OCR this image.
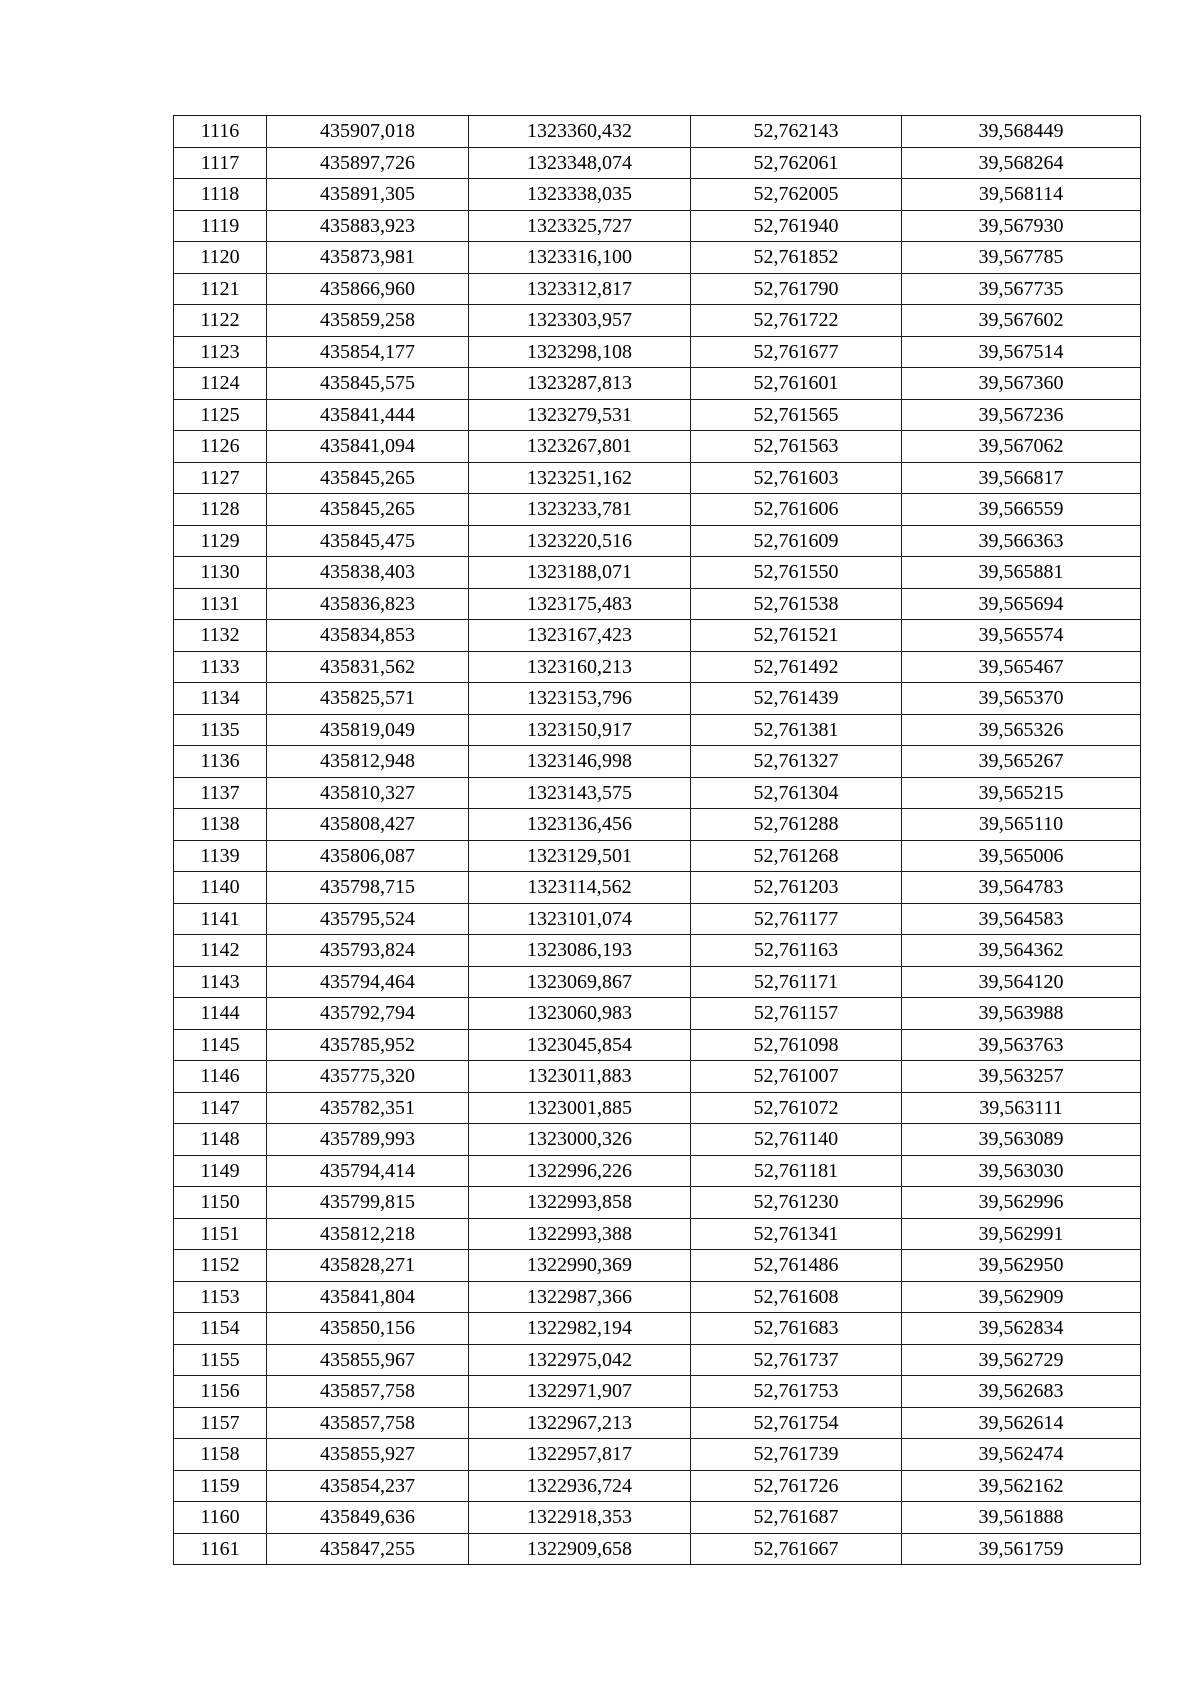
1116	435907,018	1323360,432	52,762143	39,568449
1117	435897,726	1323348,074	52,762061	39,568264
1118	435891,305	1323338,035	52,762005	39,568114
1119	435883,923	1323325,727	52,761940	39,567930
1120	435873,981	1323316,100	52,761852	39,567785
1121	435866,960	1323312,817	52,761790	39,567735
1122	435859,258	1323303,957	52,761722	39,567602
1123	435854,177	1323298,108	52,761677	39,567514
1124	435845,575	1323287,813	52,761601	39,567360
1125	435841,444	1323279,531	52,761565	39,567236
1126	435841,094	1323267,801	52,761563	39,567062
1127	435845,265	1323251,162	52,761603	39,566817
1128	435845,265	1323233,781	52,761606	39,566559
1129	435845,475	1323220,516	52,761609	39,566363
1130	435838,403	1323188,071	52,761550	39,565881
1131	435836,823	1323175,483	52,761538	39,565694
1132	435834,853	1323167,423	52,761521	39,565574
1133	435831,562	1323160,213	52,761492	39,565467
1134	435825,571	1323153,796	52,761439	39,565370
1135	435819,049	1323150,917	52,761381	39,565326
1136	435812,948	1323146,998	52,761327	39,565267
1137	435810,327	1323143,575	52,761304	39,565215
1138	435808,427	1323136,456	52,761288	39,565110
1139	435806,087	1323129,501	52,761268	39,565006
1140	435798,715	1323114,562	52,761203	39,564783
1141	435795,524	1323101,074	52,761177	39,564583
1142	435793,824	1323086,193	52,761163	39,564362
1143	435794,464	1323069,867	52,761171	39,564120
1144	435792,794	1323060,983	52,761157	39,563988
1145	435785,952	1323045,854	52,761098	39,563763
1146	435775,320	1323011,883	52,761007	39,563257
1147	435782,351	1323001,885	52,761072	39,563111
1148	435789,993	1323000,326	52,761140	39,563089
1149	435794,414	1322996,226	52,761181	39,563030
1150	435799,815	1322993,858	52,761230	39,562996
1151	435812,218	1322993,388	52,761341	39,562991
1152	435828,271	1322990,369	52,761486	39,562950
1153	435841,804	1322987,366	52,761608	39,562909
1154	435850,156	1322982,194	52,761683	39,562834
1155	435855,967	1322975,042	52,761737	39,562729
1156	435857,758	1322971,907	52,761753	39,562683
1157	435857,758	1322967,213	52,761754	39,562614
1158	435855,927	1322957,817	52,761739	39,562474
1159	435854,237	1322936,724	52,761726	39,562162
1160	435849,636	1322918,353	52,761687	39,561888
1161	435847,255	1322909,658	52,761667	39,561759
